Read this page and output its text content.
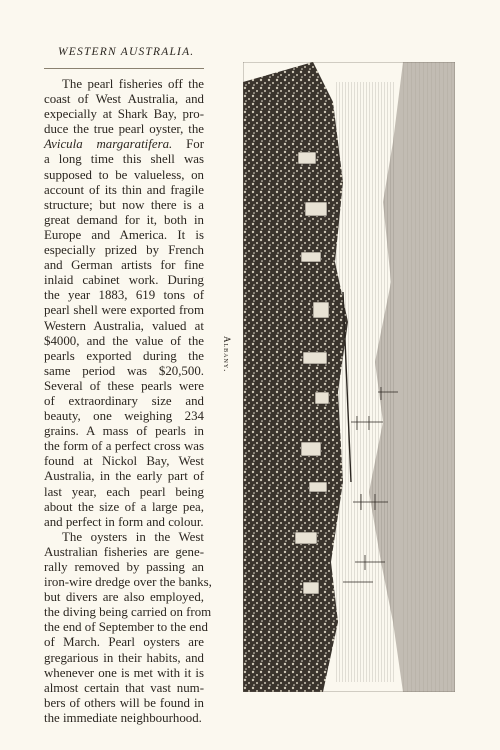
WESTERN AUSTRALIA.
The pearl fisheries off the
coast of West Australia, and
expecially at Shark Bay, pro-
duce the true pearl oyster, the
Avicula margaratifera. For
a long time this shell was
supposed to be valueless, on
account of its thin and fragile
structure; but now there is a
great demand for it, both in
Europe and America. It is
especially prized by French
and German artists for fine
inlaid cabinet work. During
the year 1883, 619 tons of
pearl shell were exported from
Western Australia, valued at
$4000, and the value of the
pearls exported during the
same period was $20,500.
Several of these pearls were
of extraordinary size and
beauty, one weighing 234
grains. A mass of pearls in
the form of a perfect cross was
found at Nickol Bay, West
Australia, in the early part of
last year, each pearl being
about the size of a large pea,
and perfect in form and colour.
The oysters in the West
Australian fisheries are gene-
rally removed by passing an
iron-wire dredge over the banks,
but divers are also employed,
the diving being carried on from
the end of September to the end
of March. Pearl oysters are
gregarious in their habits, and
whenever one is met with it is
almost certain that vast num-
bers of others will be found in
the immediate neighbourhood.
Albany.
